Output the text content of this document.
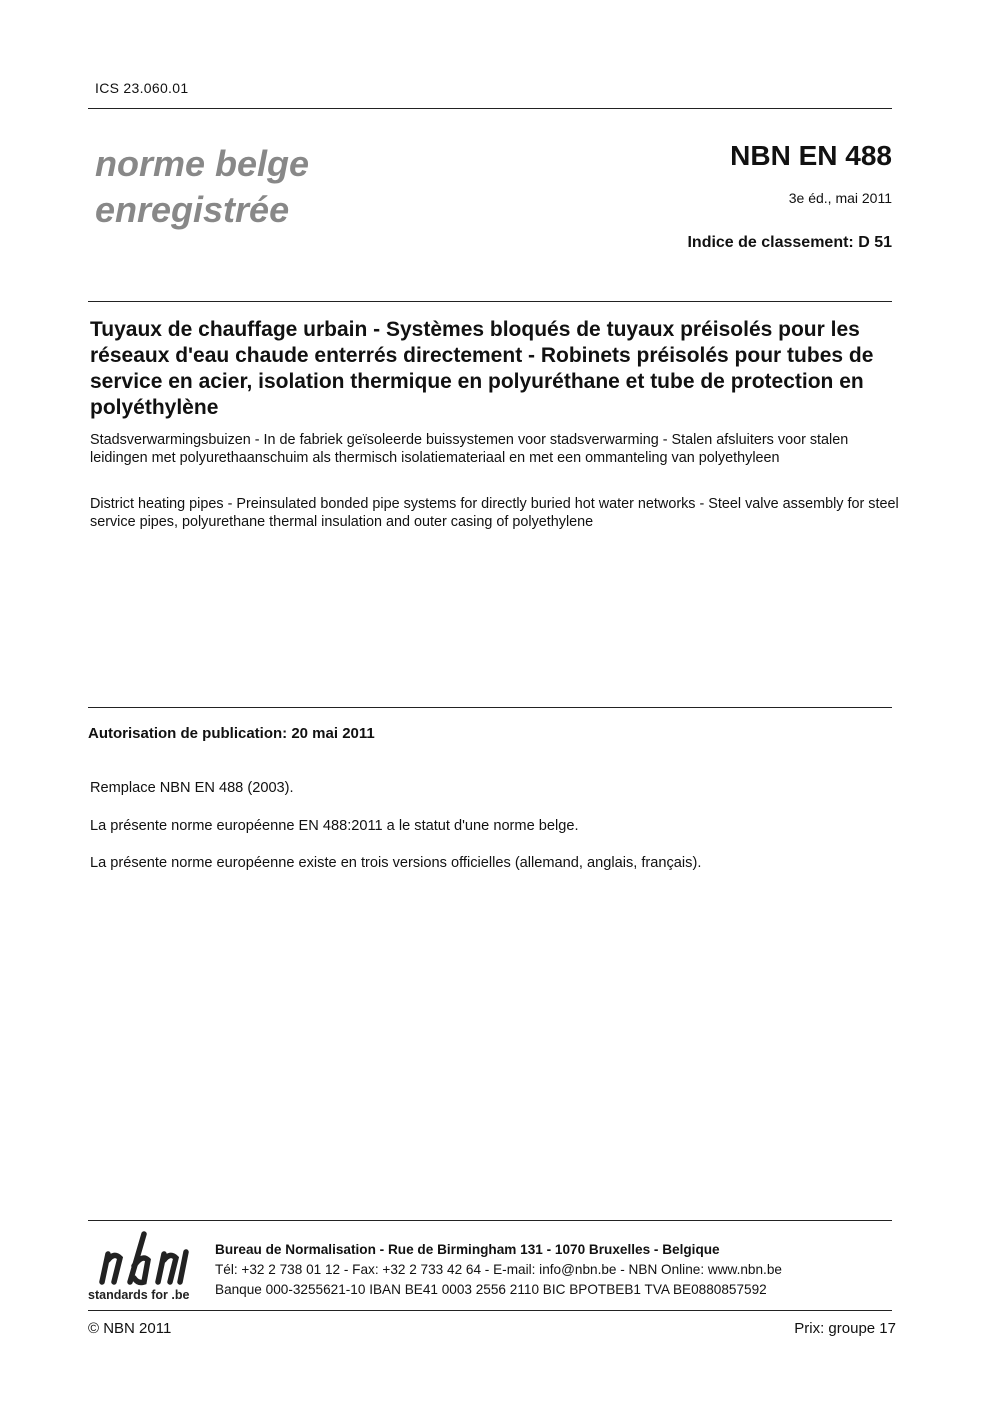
ICS 23.060.01
norme belge
enregistrée
NBN EN 488
3e éd., mai 2011
Indice de classement: D 51
Tuyaux de chauffage urbain - Systèmes bloqués de tuyaux préisolés pour les réseaux d'eau chaude enterrés directement - Robinets préisolés pour tubes de service en acier, isolation thermique en polyuréthane et tube de protection en polyéthylène
Stadsverwarmingsbuizen - In de fabriek geïsoleerde buissystemen voor stadsverwarming - Stalen afsluiters voor stalen leidingen met polyurethaanschuim als thermisch isolatiemateriaal en met een ommanteling van polyethyleen
District heating pipes - Preinsulated bonded pipe systems for directly buried hot water networks - Steel valve assembly for steel service pipes, polyurethane thermal insulation and outer casing of polyethylene
Autorisation de publication: 20 mai 2011
Remplace NBN EN 488 (2003).
La présente norme européenne EN 488:2011 a le statut d'une norme belge.
La présente norme européenne existe en trois versions officielles (allemand, anglais, français).
standards for .be
Bureau de Normalisation - Rue de Birmingham 131 - 1070 Bruxelles - Belgique
Tél: +32 2 738 01 12 - Fax: +32 2 733 42 64 - E-mail: info@nbn.be - NBN Online: www.nbn.be
Banque 000-3255621-10 IBAN BE41 0003 2556 2110 BIC BPOTBEB1 TVA BE0880857592
© NBN 2011	Prix: groupe 17
